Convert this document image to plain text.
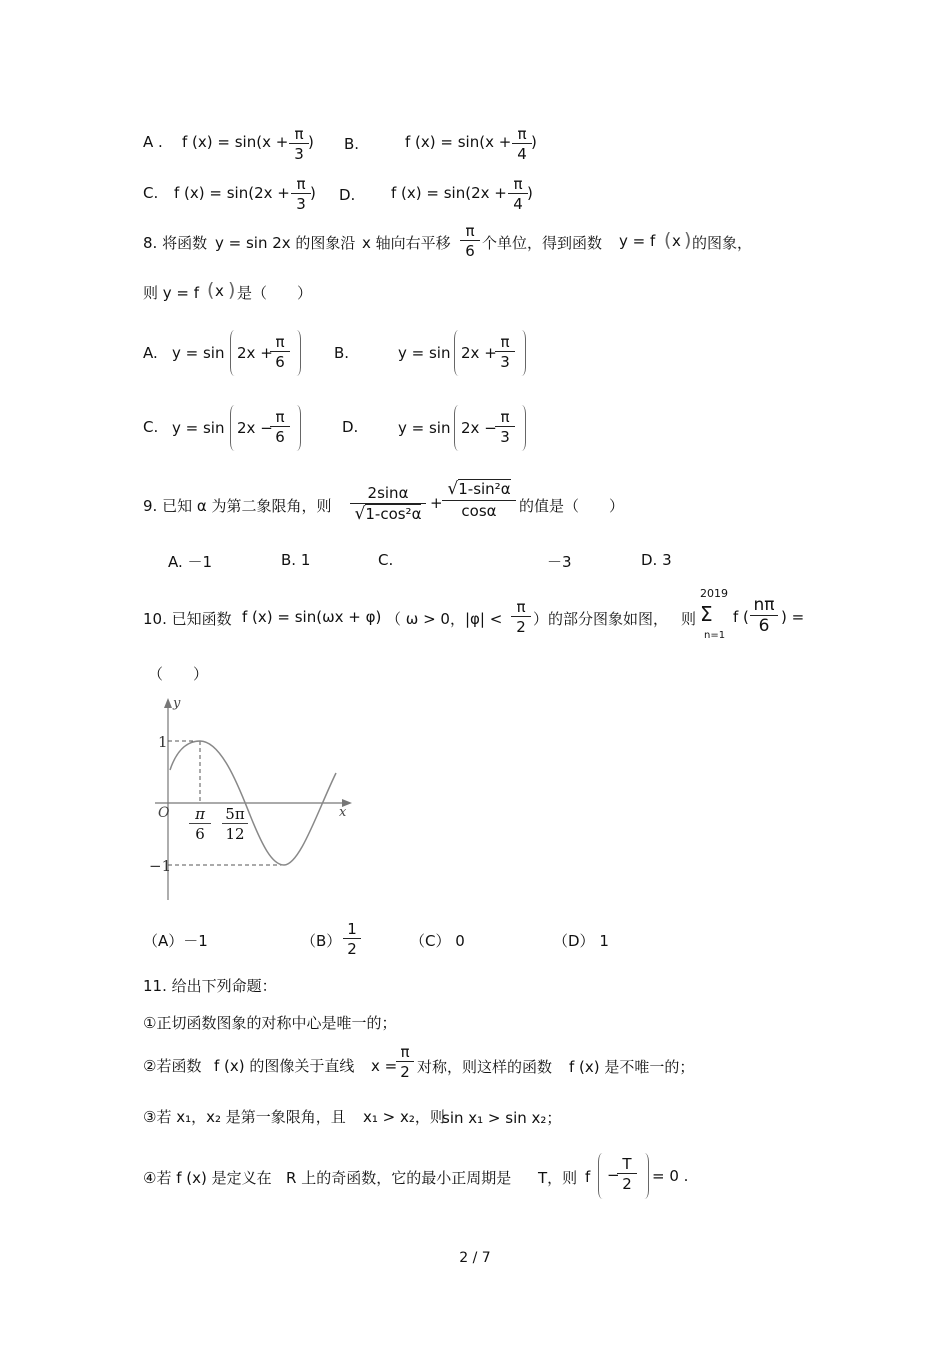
A . f $(x) = \sin(x + \frac{\pi}{3}$ ) B.	f $(x) = \sin(x + \frac{\pi}{4}$ )
C. f $(x) = \sin(2x + \frac{\pi}{3}$ ) D. f $(x) = \sin(2x + \frac{\pi}{4}$ )
8. 将函数 y = sin 2x 的图象沿 x 轴向右平移 $\frac{\pi}{6}$ 个单位，得到函数 y = f ( x ) 的图象，
则 y = f ( x ) 是（　　）
A. y = sin 2x +
$\frac{\pi}{6}$	B.	y = sin 2x +
$\frac{\pi}{3}$
C. y = sin 2x −
$\frac{\pi}{6}$	D.	y = sin 2x −
$\frac{\pi}{3}$
9. 已知 α 为第二象限角，则 $\frac{2\sin\alpha}{\text{√1-cos²α}} + \frac{\text{√1-sin²α}}{\cos\alpha}$ 的值是（　　）
A. －1	B. 1	C.	－3	D. 3
10. 已知函数 f (x) = sin(ωx + φ) （ ω > 0，$|\varphi| < \frac{\pi}{2}$ ）的部分图象如图， 则
2019
Σ
n=1
f ( $\frac{n\pi}{6}$ ) =
（　　）
y
x
O
1
−1
$\frac{\pi}{6} \frac{5\pi}{12}$
（A）－1	$(B) \frac{1}{2}$	（C） 0	（D） 1
11. 给出下列命题：
①正切函数图象的对称中心是唯一的；
②若函数 f (x) 的图像关于直线 x =
$\frac{\pi}{2}$ 对称，则这样的函数 f (x) 是不唯一的；
③若 x₁，x₂ 是第一象限角，且 x₁ > x₂，则
sin x₁ > sin x₂；
④若 f (x) 是定义在 R 上的奇函数，它的最小正周期是 T，则 f −
$\frac{T}{2} = 0$ .
2 / 7
